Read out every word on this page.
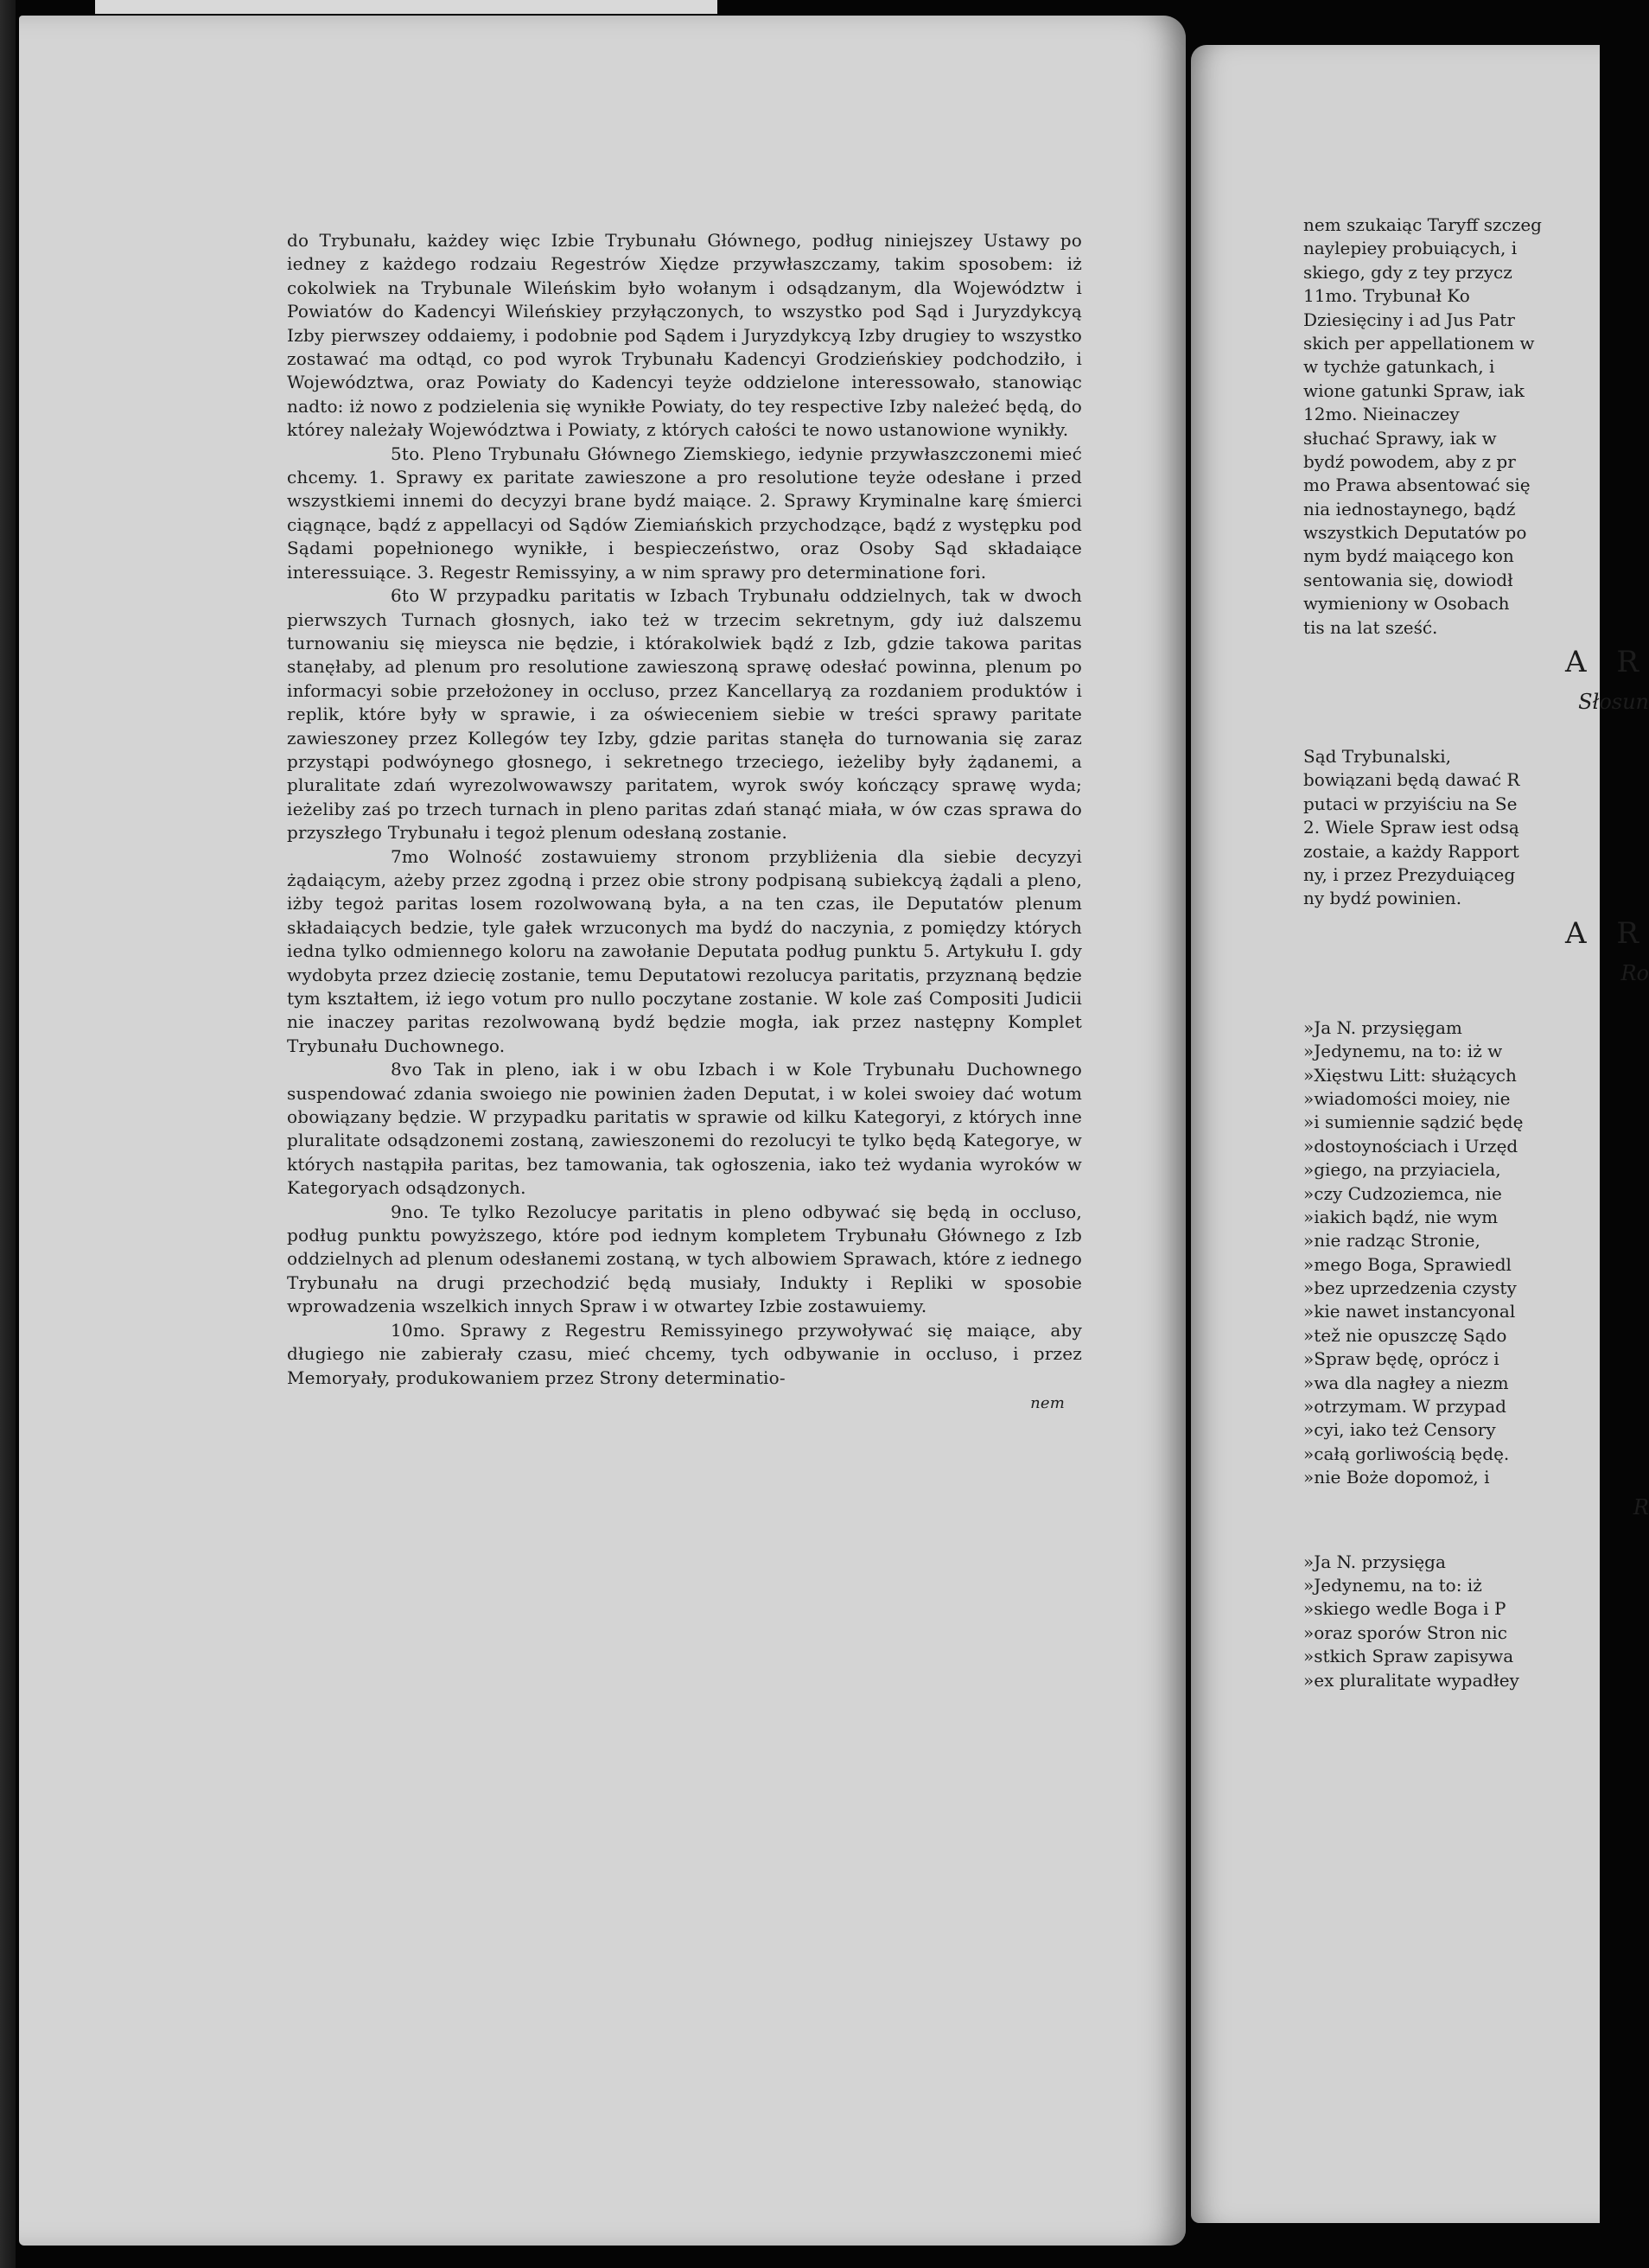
do Trybunału, każdey więc Izbie Trybunału Głównego, podług niniejszey Ustawy po iedney z każdego rodzaiu Regestrów Xiędze przywłaszczamy, takim sposobem: iż cokolwiek na Trybunale Wileńskim było wołanym i odsądzanym, dla Województw i Powiatów do Kadencyi Wileńskiey przyłączonych, to wszystko pod Sąd i Juryzdykcyą Izby pierwszey oddaiemy, i podobnie pod Sądem i Juryzdykcyą Izby drugiey to wszystko zostawać ma odtąd, co pod wyrok Trybunału Kadencyi Grodzieńskiey podchodziło, i Województwa, oraz Powiaty do Kadencyi teyże oddzielone interessowało, stanowiąc nadto: iż nowo z podzielenia się wynikłe Powiaty, do tey respective Izby należeć będą, do którey należały Województwa i Powiaty, z których całości te nowo ustanowione wynikły.

5to. Pleno Trybunału Głównego Ziemskiego, iedynie przywłaszczonemi mieć chcemy. 1. Sprawy ex paritate zawieszone a pro resolutione teyże odesłane i przed wszystkiemi innemi do decyzyi brane bydź maiące. 2. Sprawy Kryminalne karę śmierci ciągnące, bądź z appellacyi od Sądów Ziemiańskich przychodzące, bądź z występku pod Sądami popełnionego wynikłe, i bespieczeństwo, oraz Osoby Sąd składaiące interessuiące. 3. Regestr Remissyiny, a w nim sprawy pro determinatione fori.

6to W przypadku paritatis w Izbach Trybunału oddzielnych, tak w dwoch pierwszych Turnach głosnych, iako też w trzecim sekretnym, gdy iuż dalszemu turnowaniu się mieysca nie będzie, i którakolwiek bądź z Izb, gdzie takowa paritas stanęłaby, ad plenum pro resolutione zawieszoną sprawę odesłać powinna, plenum po informacyi sobie przełożoney in occluso, przez Kancellaryą za rozdaniem produktów i replik, które były w sprawie, i za oświeceniem siebie w treści sprawy paritate zawieszoney przez Kollegów tey Izby, gdzie paritas stanęła do turnowania się zaraz przystąpi podwóynego głosnego, i sekretnego trzeciego, ieżeliby były żądanemi, a pluralitate zdań wyrezolwowawszy paritatem, wyrok swóy kończący sprawę wyda; ieżeliby zaś po trzech turnach in pleno paritas zdań stanąć miała, w ów czas sprawa do przyszłego Trybunału i tegoż plenum odesłaną zostanie.

7mo Wolność zostawuiemy stronom przybliżenia dla siebie decyzyi żądaiącym, ażeby przez zgodną i przez obie strony podpisaną subiekcyą żądali a pleno, iżby tegoż paritas losem rozolwowaną była, a na ten czas, ile Deputatów plenum składaiących bedzie, tyle gałek wrzuconych ma bydź do naczynia, z pomiędzy których iedna tylko odmiennego koloru na zawołanie Deputata podług punktu 5. Artykułu I. gdy wydobyta przez dziecię zostanie, temu Deputatowi rezolucya paritatis, przyznaną będzie tym kształtem, iż iego votum pro nullo poczytane zostanie. W kole zaś Compositi Judicii nie inaczey paritas rezolwowaną bydź będzie mogła, iak przez następny Komplet Trybunału Duchownego.

8vo Tak in pleno, iak i w obu Izbach i w Kole Trybunału Duchownego suspendować zdania swoiego nie powinien żaden Deputat, i w kolei swoiey dać wotum obowiązany będzie. W przypadku paritatis w sprawie od kilku Kategoryi, z których inne pluralitate odsądzonemi zostaną, zawieszonemi do rezolucyi te tylko będą Kategorye, w których nastąpiła paritas, bez tamowania, tak ogłoszenia, iako też wydania wyroków w Kategoryach odsądzonych.

9no. Te tylko Rezolucye paritatis in pleno odbywać się będą in occluso, podług punktu powyższego, które pod iednym kompletem Trybunału Głównego z Izb oddzielnych ad plenum odesłanemi zostaną, w tych albowiem Sprawach, które z iednego Trybunału na drugi przechodzić będą musiały, Indukty i Repliki w sposobie wprowadzenia wszelkich innych Spraw i w otwartey Izbie zostawuiemy.

10mo. Sprawy z Regestru Remissyinego przywoływać się maiące, aby długiego nie zabierały czasu, mieć chcemy, tych odbywanie in occluso, i przez Memoryały, produkowaniem przez Strony determinatio-

nem
nem szukaiąc Taryff szczeg
naylepiey probuiących, i
skiego, gdy z tey przycz
11mo. Trybunał Ko
Dziesięciny i ad Jus Patr
skich per appellationem w
w tychże gatunkach, i
wione gatunki Spraw, iak
12mo. Nieinaczey
słuchać Sprawy, iak w
bydź powodem, aby z pr
mo Prawa absentować się
nia iednostaynego, bądź
wszystkich Deputatów po
nym bydź maiącego kon
sentowania się, dowiodł
wymieniony w Osobach
tis na lat sześć.
A R
Słosun
Sąd Trybunalski,
bowiązani będą dawać R
putaci w przyiściu na Se
2. Wiele Spraw iest odsą
zostaie, a każdy Rapport
ny, i przez Prezyduiąceg
ny bydź powinien.
A R
Ro
»Ja N. przysięgam
»Jedynemu, na to: iż w
»Xięstwu Litt: służących
»wiadomości moiey, nie
»i sumiennie sądzić będę
»dostoynościach i Urzęd
»giego, na przyiaciela,
»czy Cudzoziemca, nie
»iakich bądź, nie wym
»nie radząc Stronie,
»mego Boga, Sprawiedl
»bez uprzedzenia czysty
»kie nawet instancyonal
»tež nie opuszczę Sądo
»Spraw będę, oprócz i
»wa dla nagłey a niezm
»otrzymam. W przypad
»cyi, iako też Censory
»całą gorliwością będę.
»nie Boże dopomoż, i
R
»Ja N. przysięga
»Jedynemu, na to: iż
»skiego wedle Boga i P
»oraz sporów Stron nic
»stkich Spraw zapisywa
»ex pluralitate wypadłey
